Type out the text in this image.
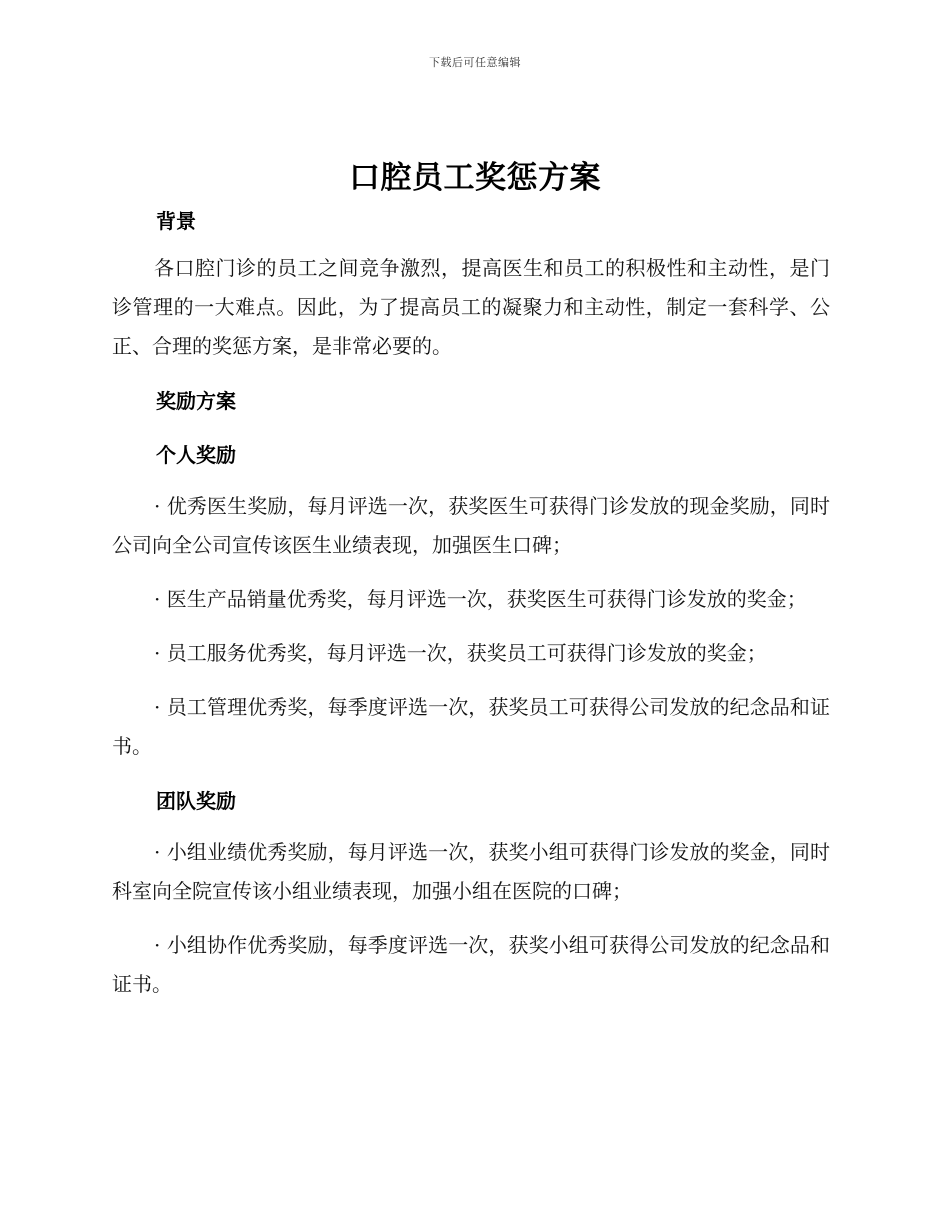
下载后可任意编辑
口腔员工奖惩方案
背景

各口腔门诊的员工之间竞争激烈，提高医生和员工的积极性和主动性，是门诊管理的一大难点。因此，为了提高员工的凝聚力和主动性，制定一套科学、公正、合理的奖惩方案，是非常必要的。

奖励方案
个人奖励

· 优秀医生奖励，每月评选一次，获奖医生可获得门诊发放的现金奖励，同时公司向全公司宣传该医生业绩表现，加强医生口碑；

· 医生产品销量优秀奖，每月评选一次，获奖医生可获得门诊发放的奖金；

· 员工服务优秀奖，每月评选一次，获奖员工可获得门诊发放的奖金；

· 员工管理优秀奖，每季度评选一次，获奖员工可获得公司发放的纪念品和证书。

团队奖励

· 小组业绩优秀奖励，每月评选一次，获奖小组可获得门诊发放的奖金，同时科室向全院宣传该小组业绩表现，加强小组在医院的口碑；

· 小组协作优秀奖励，每季度评选一次，获奖小组可获得公司发放的纪念品和证书。
